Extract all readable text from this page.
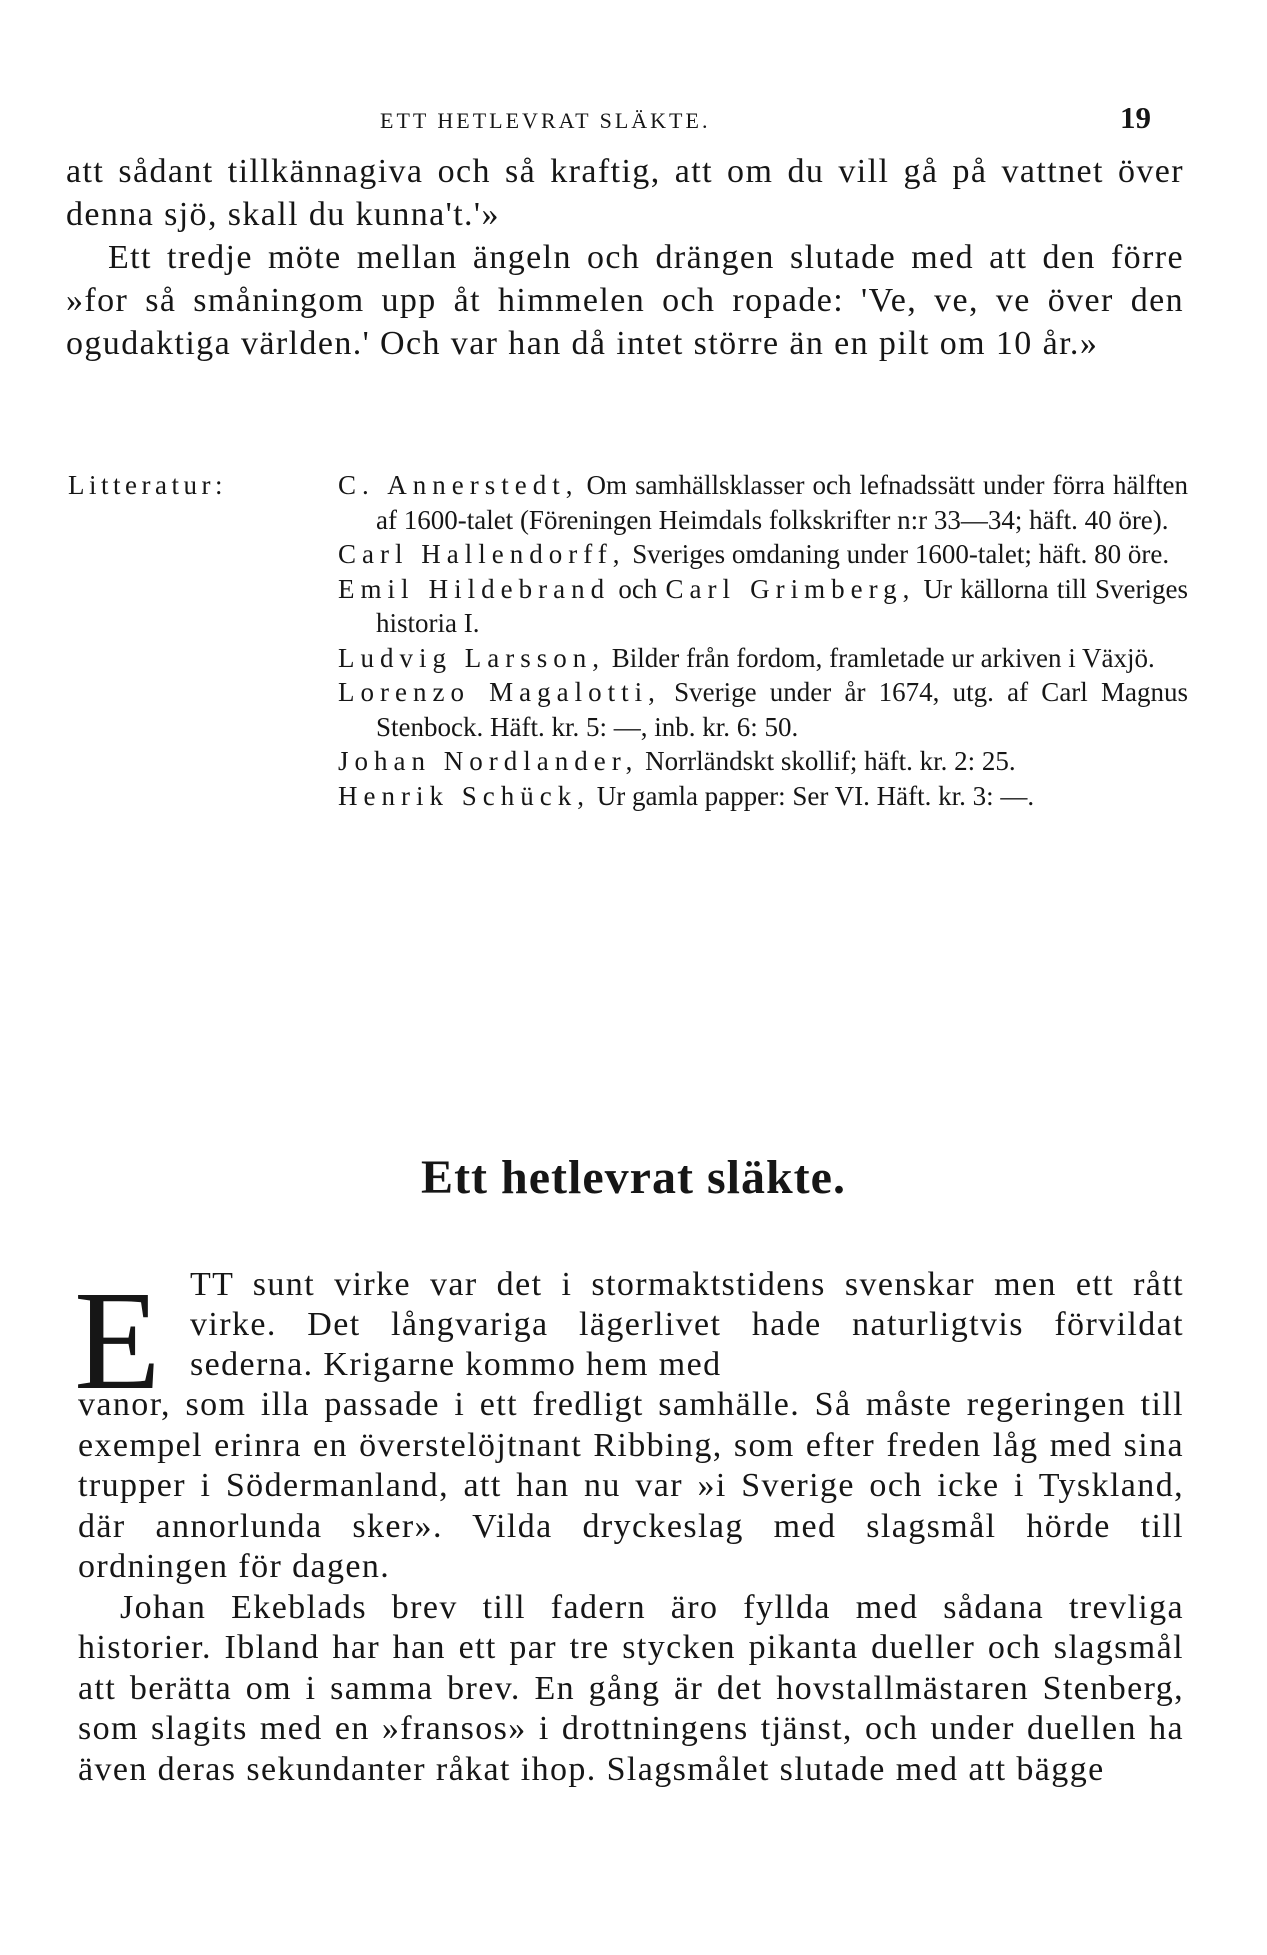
ETT HETLEVRAT SLÄKTE.	19

att sådant tillkännagiva och så kraftig, att om du vill gå på vattnet över denna sjö, skall du kunna't.'»

Ett tredje möte mellan ängeln och drängen slutade med att den förre »for så småningom upp åt himmelen och ropade: 'Ve, ve, ve över den ogudaktiga världen.' Och var han då intet större än en pilt om 10 år.»

Litteratur:	C. Annerstedt, Om samhällsklasser och lefnadssätt under förra hälften af 1600-talet (Föreningen Heimdals folkskrifter n:r 33—34; häft. 40 öre).
Carl Hallendorff, Sveriges omdaning under 1600-talet; häft. 80 öre.
Emil Hildebrand och Carl Grimberg, Ur källorna till Sveriges historia I.
Ludvig Larsson, Bilder från fordom, framletade ur arkiven i Växjö.
Lorenzo Magalotti, Sverige under år 1674, utg. af Carl Magnus Stenbock. Häft. kr. 5: —, inb. kr. 6: 50.
Johan Nordlander, Norrländskt skollif; häft. kr. 2: 25.
Henrik Schück, Ur gamla papper: Ser VI. Häft. kr. 3: —.
Ett hetlevrat släkte.
E TT sunt virke var det i stormaktstidens svenskar men ett rått virke. Det långvariga lägerlivet hade naturligtvis förvildat sederna. Krigarne kommo hem med

vanor, som illa passade i ett fredligt samhälle. Så måste regeringen till exempel erinra en överstelöjtnant Ribbing, som efter freden låg med sina trupper i Södermanland, att han nu var »i Sverige och icke i Tyskland, där annorlunda sker». Vilda dryckeslag med slagsmål hörde till ordningen för dagen.

Johan Ekeblads brev till fadern äro fyllda med sådana trevliga historier. Ibland har han ett par tre stycken pikanta dueller och slagsmål att berätta om i samma brev. En gång är det hovstallmästaren Stenberg, som slagits med en »fransos» i drottningens tjänst, och under duellen ha även deras sekundanter råkat ihop. Slagsmålet slutade med att bägge
